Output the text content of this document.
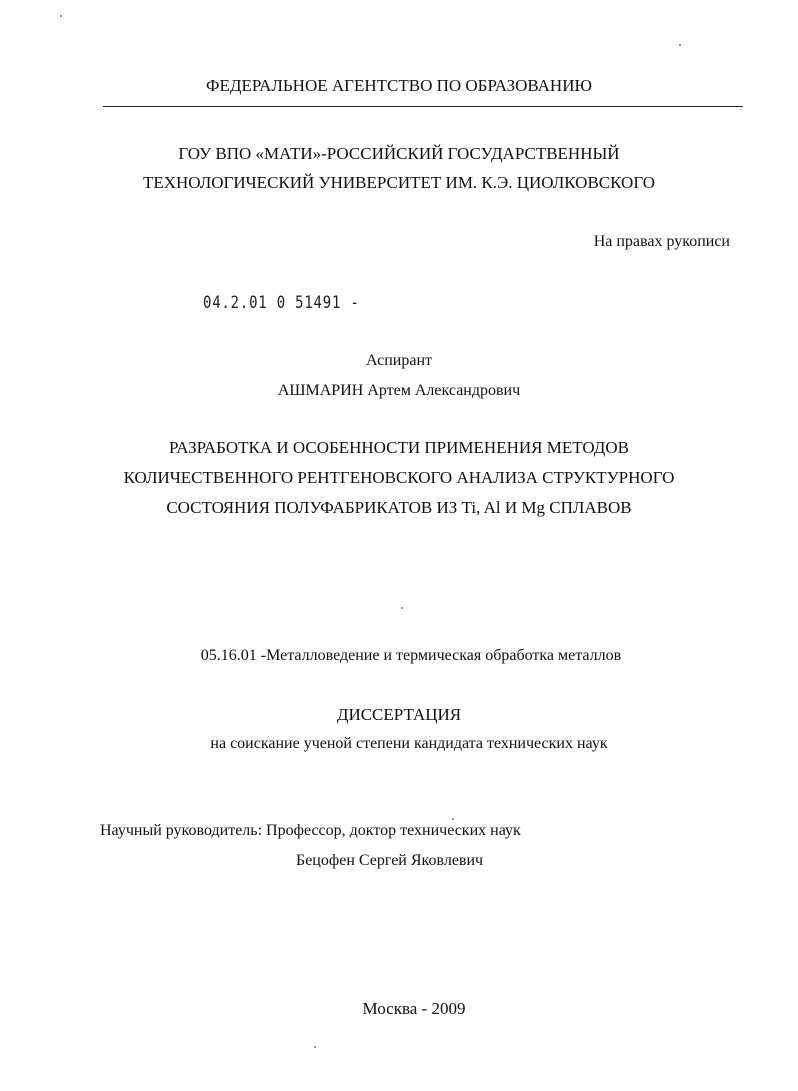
ФЕДЕРАЛЬНОЕ АГЕНТСТВО ПО ОБРАЗОВАНИЮ
ГОУ ВПО «МАТИ»-РОССИЙСКИЙ ГОСУДАРСТВЕННЫЙ
ТЕХНОЛОГИЧЕСКИЙ УНИВЕРСИТЕТ ИМ. К.Э. ЦИОЛКОВСКОГО
На правах рукописи
04.2.01 0 51491 -
Аспирант
АШМАРИН Артем Александрович
РАЗРАБОТКА И ОСОБЕННОСТИ ПРИМЕНЕНИЯ МЕТОДОВ
КОЛИЧЕСТВЕННОГО РЕНТГЕНОВСКОГО АНАЛИЗА СТРУКТУРНОГО
СОСТОЯНИЯ ПОЛУФАБРИКАТОВ ИЗ Ti, Al И Mg СПЛАВОВ
05.16.01 -Металловедение и термическая обработка металлов
ДИССЕРТАЦИЯ
на соискание ученой степени кандидата технических наук
Научный руководитель: Профессор, доктор технических наук
Бецофен Сергей Яковлевич
Москва - 2009
